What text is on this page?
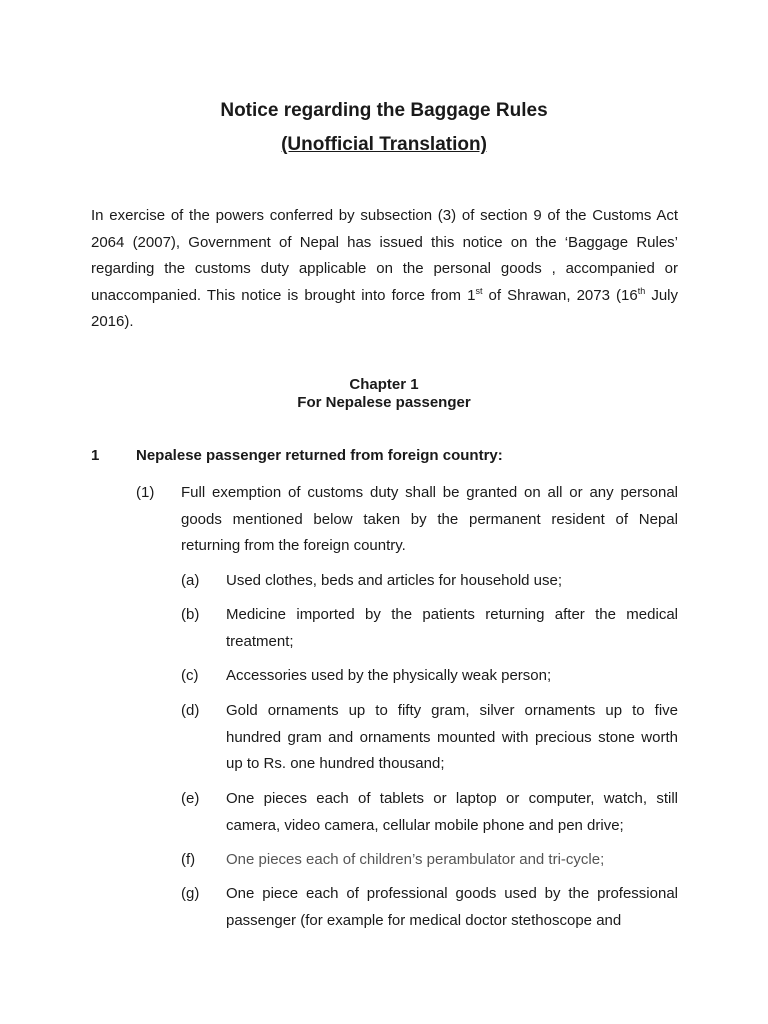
Notice regarding the Baggage Rules
(Unofficial Translation)
In exercise of the powers conferred by subsection (3) of section 9 of the Customs Act 2064 (2007), Government of Nepal has issued this notice on the ‘Baggage Rules’ regarding the customs duty applicable on the personal goods , accompanied or unaccompanied. This notice is brought into force from 1st of Shrawan, 2073 (16th July 2016).
Chapter 1
For Nepalese passenger
1 Nepalese passenger returned from foreign country:
(1) Full exemption of customs duty shall be granted on all or any personal goods mentioned below taken by the permanent resident of Nepal returning from the foreign country.
(a) Used clothes, beds and articles for household use;
(b) Medicine imported by the patients returning after the medical treatment;
(c) Accessories used by the physically weak person;
(d) Gold ornaments up to fifty gram, silver ornaments up to five hundred gram and ornaments mounted with precious stone worth up to Rs. one hundred thousand;
(e) One pieces each of tablets or laptop or computer, watch, still camera, video camera, cellular mobile phone and pen drive;
(f) One pieces each of children’s perambulator and tri-cycle;
(g) One piece each of professional goods used by the professional passenger (for example for medical doctor stethoscope and
